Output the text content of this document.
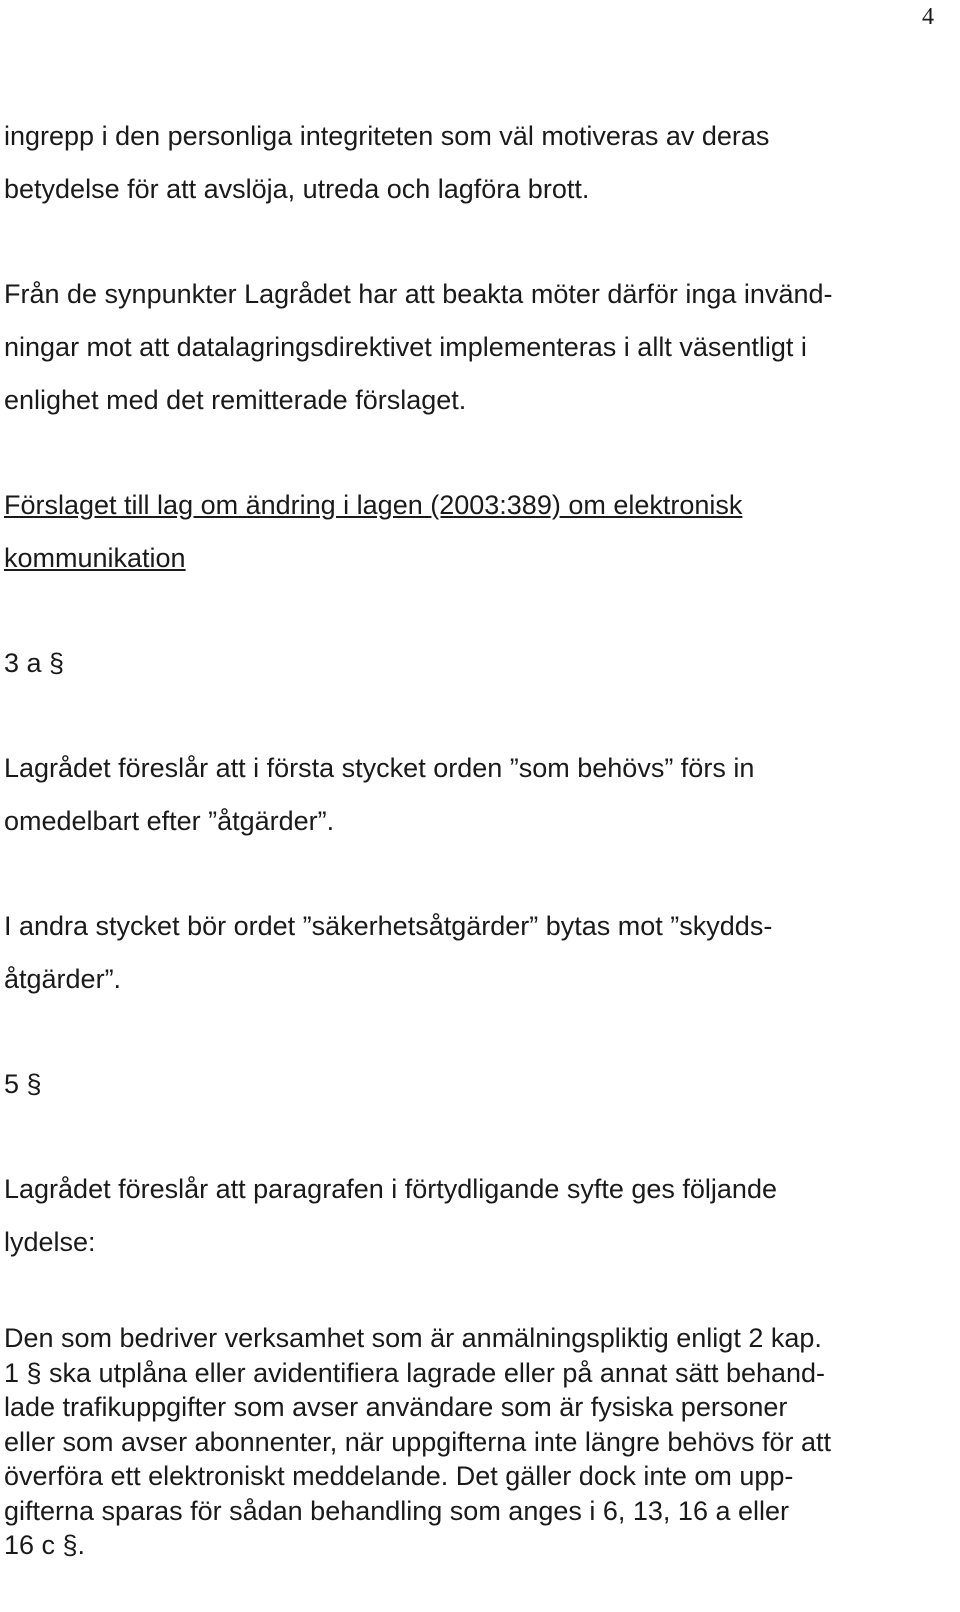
4

ingrepp i den personliga integriteten som väl motiveras av deras
betydelse för att avslöja, utreda och lagföra brott.

Från de synpunkter Lagrådet har att beakta möter därför inga invänd-
ningar mot att datalagringsdirektivet implementeras i allt väsentligt i
enlighet med det remitterade förslaget.

Förslaget till lag om ändring i lagen (2003:389) om elektronisk
kommunikation

3 a §

Lagrådet föreslår att i första stycket orden ”som behövs” förs in
omedelbart efter ”åtgärder”.

I andra stycket bör ordet ”säkerhetsåtgärder” bytas mot ”skydds-
åtgärder”.

5 §

Lagrådet föreslår att paragrafen i förtydligande syfte ges följande
lydelse:

Den som bedriver verksamhet som är anmälningspliktig enligt 2 kap.
1 § ska utplåna eller avidentifiera lagrade eller på annat sätt behand-
lade trafikuppgifter som avser användare som är fysiska personer
eller som avser abonnenter, när uppgifterna inte längre behövs för att
överföra ett elektroniskt meddelande. Det gäller dock inte om upp-
gifterna sparas för sådan behandling som anges i 6, 13, 16 a eller
16 c §.
